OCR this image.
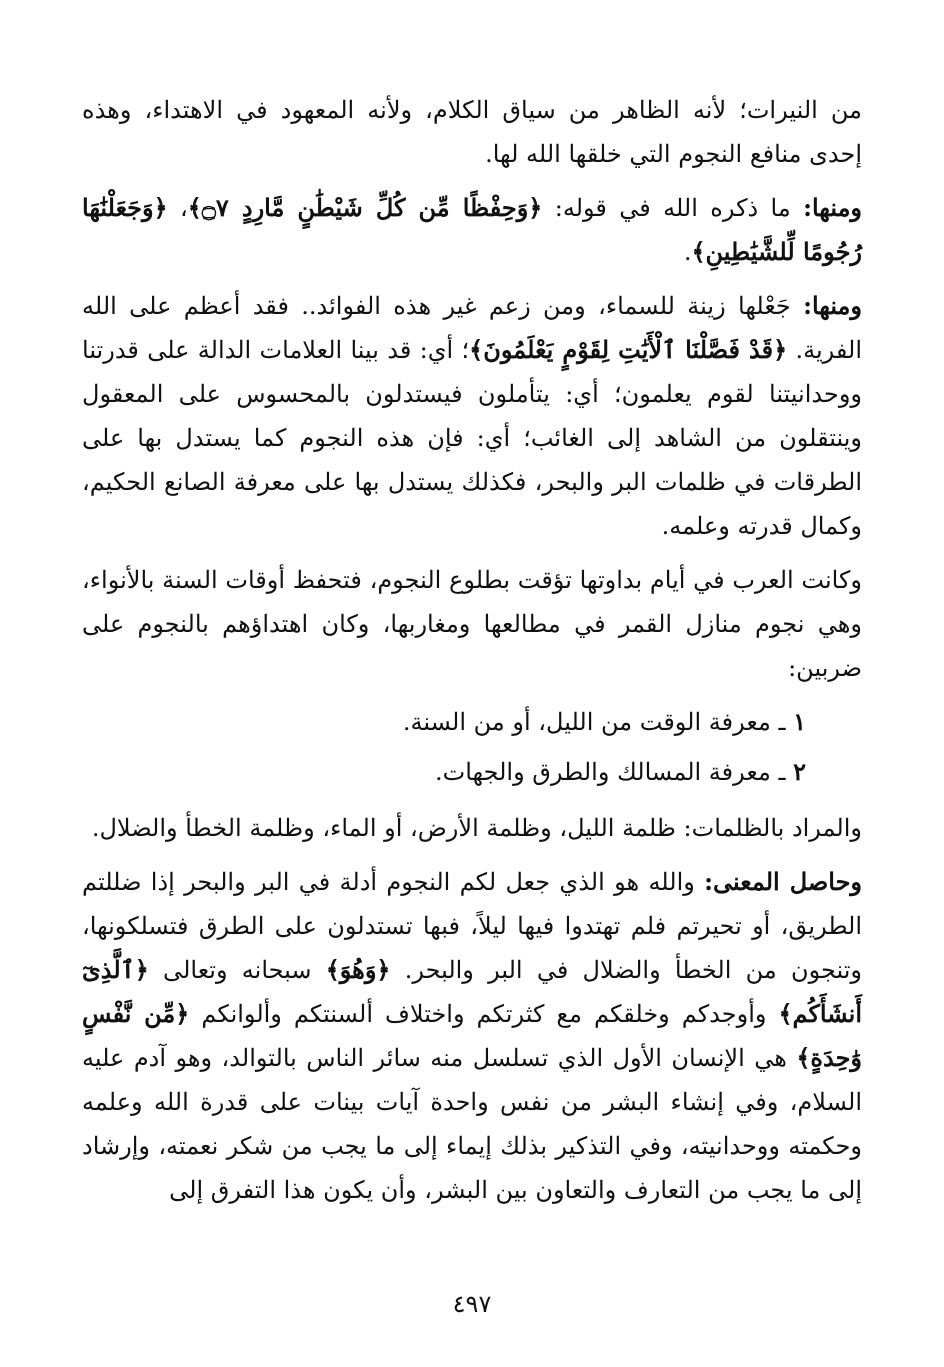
من النيرات؛ لأنه الظاهر من سياق الكلام، ولأنه المعهود في الاهتداء، وهذه إحدى منافع النجوم التي خلقها الله لها.

ومنها: ما ذكره الله في قوله: ﴿وَحِفْظًا مِّن كُلِّ شَيْطَٰنٍ مَّارِدٍ ۝٧﴾، ﴿وَجَعَلْنَٰهَا رُجُومًا لِّلشَّيَٰطِينِ﴾.

ومنها: جَعْلها زينة للسماء، ومن زعم غير هذه الفوائد.. فقد أعظم على الله الفرية. ﴿قَدْ فَصَّلْنَا ٱلْأَيَٰتِ لِقَوْمٍ يَعْلَمُونَ﴾؛ أي: قد بينا العلامات الدالة على قدرتنا ووحدانيتنا لقوم يعلمون؛ أي: يتأملون فيستدلون بالمحسوس على المعقول وينتقلون من الشاهد إلى الغائب؛ أي: فإن هذه النجوم كما يستدل بها على الطرقات في ظلمات البر والبحر، فكذلك يستدل بها على معرفة الصانع الحكيم، وكمال قدرته وعلمه.

وكانت العرب في أيام بداوتها تؤقت بطلوع النجوم، فتحفظ أوقات السنة بالأنواء، وهي نجوم منازل القمر في مطالعها ومغاربها، وكان اهتداؤهم بالنجوم على ضربين:

١ ـ معرفة الوقت من الليل، أو من السنة.

٢ ـ معرفة المسالك والطرق والجهات.

والمراد بالظلمات: ظلمة الليل، وظلمة الأرض، أو الماء، وظلمة الخطأ والضلال.

وحاصل المعنى: والله هو الذي جعل لكم النجوم أدلة في البر والبحر إذا ضللتم الطريق، أو تحيرتم فلم تهتدوا فيها ليلاً، فبها تستدلون على الطرق فتسلكونها، وتنجون من الخطأ والضلال في البر والبحر. ﴿وَهُوَ﴾ سبحانه وتعالى ﴿ٱلَّذِىٓ أَنشَأَكُم﴾ وأوجدكم وخلقكم مع كثرتكم واختلاف ألسنتكم وألوانكم ﴿مِّن نَّفْسٍ وَٰحِدَةٍ﴾ هي الإنسان الأول الذي تسلسل منه سائر الناس بالتوالد، وهو آدم عليه السلام، وفي إنشاء البشر من نفس واحدة آيات بينات على قدرة الله وعلمه وحكمته ووحدانيته، وفي التذكير بذلك إيماء إلى ما يجب من شكر نعمته، وإرشاد إلى ما يجب من التعارف والتعاون بين البشر، وأن يكون هذا التفرق إلى

٤٩٧
